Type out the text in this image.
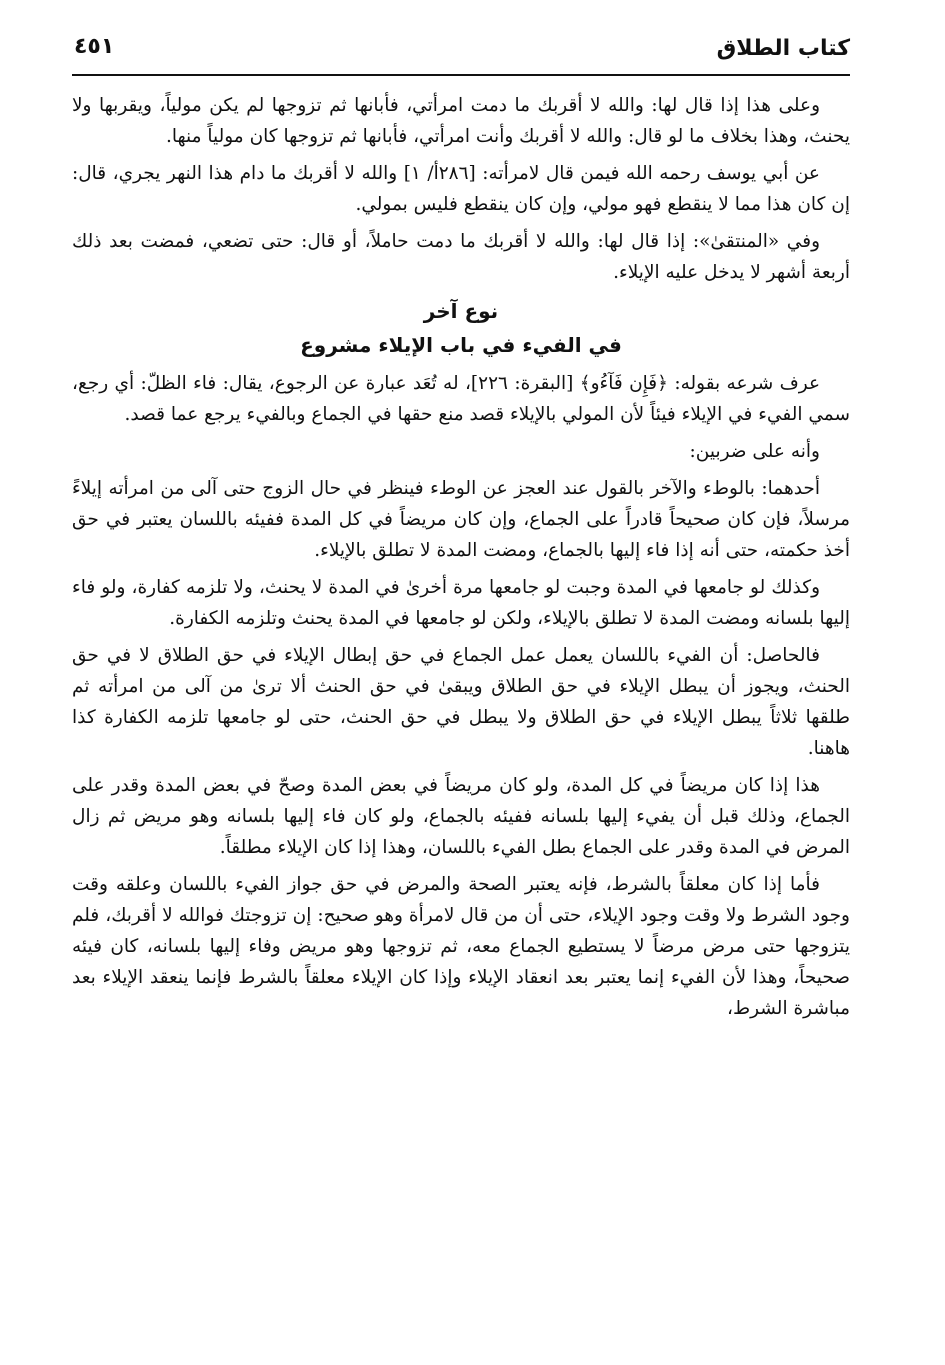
كتاب الطلاق
٤٥١

وعلى هذا إذا قال لها: والله لا أقربك ما دمت امرأتي، فأبانها ثم تزوجها لم يكن مولياً، ويقربها ولا يحنث، وهذا بخلاف ما لو قال: والله لا أقربك وأنت امرأتي، فأبانها ثم تزوجها كان مولياً منها.

عن أبي يوسف رحمه الله فيمن قال لامرأته: [٢٨٦أ/ ١] والله لا أقربك ما دام هذا النهر يجري، قال: إن كان هذا مما لا ينقطع فهو مولي، وإن كان ينقطع فليس بمولي.

وفي «المنتقىٰ»: إذا قال لها: والله لا أقربك ما دمت حاملاً، أو قال: حتى تضعي، فمضت بعد ذلك أربعة أشهر لا يدخل عليه الإيلاء.

نوع آخر
في الفيء في باب الإيلاء مشروع

عرف شرعه بقوله: ﴿فَإِن فَآءُو﴾ [البقرة: ٢٢٦]، له تُعَد عبارة عن الرجوع، يقال: فاء الظلّ: أي رجع، سمي الفيء في الإيلاء فيئاً لأن المولي بالإيلاء قصد منع حقها في الجماع وبالفيء يرجع عما قصد.

وأنه على ضربين:

أحدهما: بالوطء والآخر بالقول عند العجز عن الوطء فينظر في حال الزوج حتى آلى من امرأته إيلاءً مرسلاً، فإن كان صحيحاً قادراً على الجماع، وإن كان مريضاً في كل المدة ففيئه باللسان يعتبر في حق أخذ حكمته، حتى أنه إذا فاء إليها بالجماع، ومضت المدة لا تطلق بالإيلاء.

وكذلك لو جامعها في المدة وجبت لو جامعها مرة أخرىٰ في المدة لا يحنث، ولا تلزمه كفارة، ولو فاء إليها بلسانه ومضت المدة لا تطلق بالإيلاء، ولكن لو جامعها في المدة يحنث وتلزمه الكفارة.

فالحاصل: أن الفيء باللسان يعمل عمل الجماع في حق إبطال الإيلاء في حق الطلاق لا في حق الحنث، ويجوز أن يبطل الإيلاء في حق الطلاق ويبقىٰ في حق الحنث ألا ترىٰ من آلى من امرأته ثم طلقها ثلاثاً يبطل الإيلاء في حق الطلاق ولا يبطل في حق الحنث، حتى لو جامعها تلزمه الكفارة كذا هاهنا.

هذا إذا كان مريضاً في كل المدة، ولو كان مريضاً في بعض المدة وصحّ في بعض المدة وقدر على الجماع، وذلك قبل أن يفيء إليها بلسانه ففيئه بالجماع، ولو كان فاء إليها بلسانه وهو مريض ثم زال المرض في المدة وقدر على الجماع بطل الفيء باللسان، وهذا إذا كان الإيلاء مطلقاً.

فأما إذا كان معلقاً بالشرط، فإنه يعتبر الصحة والمرض في حق جواز الفيء باللسان وعلقه وقت وجود الشرط ولا وقت وجود الإيلاء، حتى أن من قال لامرأة وهو صحيح: إن تزوجتك فوالله لا أقربك، فلم يتزوجها حتى مرض مرضاً لا يستطيع الجماع معه، ثم تزوجها وهو مريض وفاء إليها بلسانه، كان فيئه صحيحاً، وهذا لأن الفيء إنما يعتبر بعد انعقاد الإيلاء وإذا كان الإيلاء معلقاً بالشرط فإنما ينعقد الإيلاء بعد مباشرة الشرط،
